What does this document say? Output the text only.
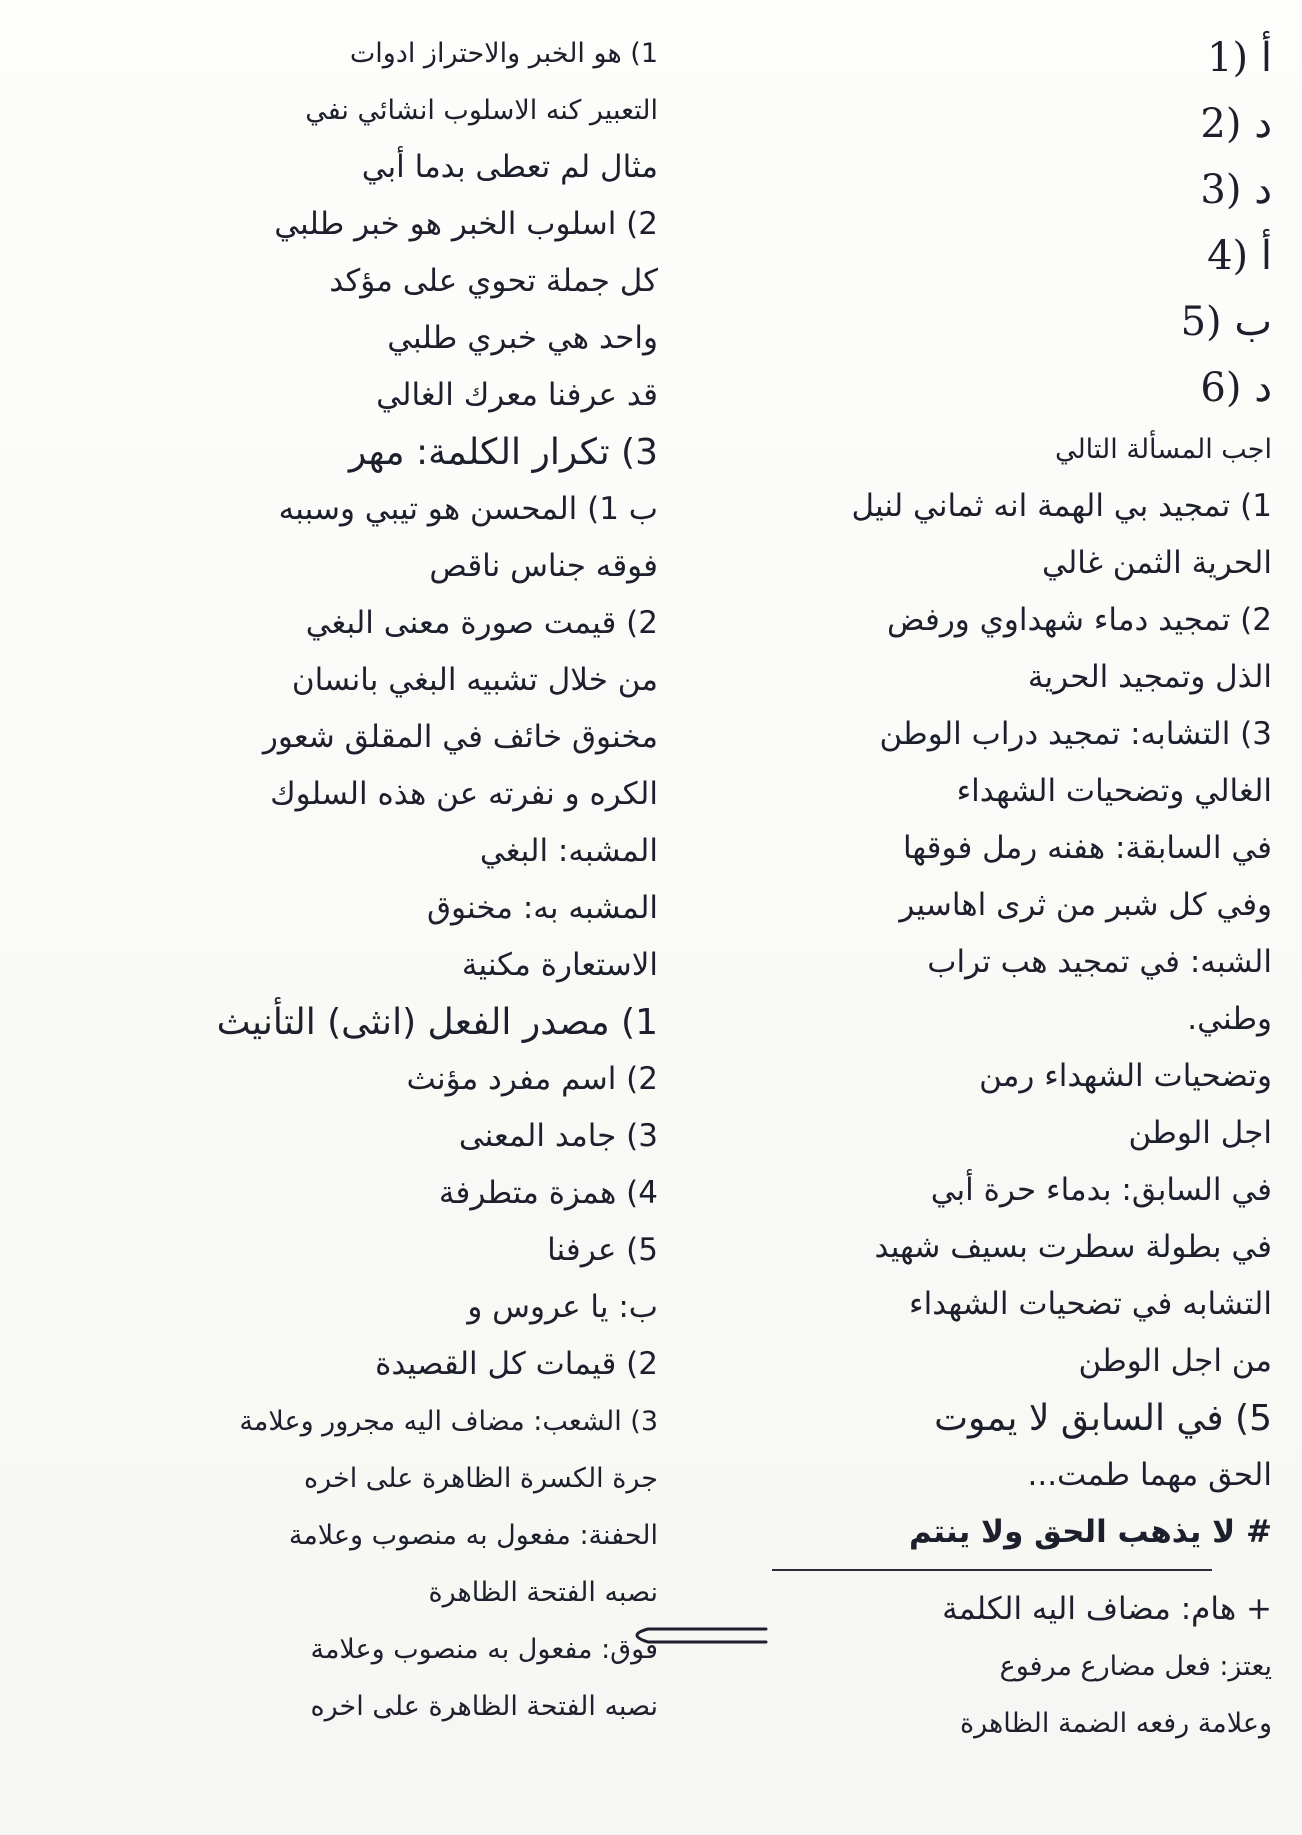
1) أ
2) د
3) د
4) أ
5) ب
6) د
اجب المسألة التالي
1) تمجيد بي الهمة انه ثماني لنيل
الحرية الثمن غالي
2) تمجيد دماء شهداوي ورفض
الذل وتمجيد الحرية
3) التشابه: تمجيد دراب الوطن
الغالي وتضحيات الشهداء
في السابقة: هفنه رمل فوقها
وفي كل شبر من ثرى اهاسير
الشبه: في تمجيد هب تراب
وطني.
وتضحيات الشهداء رمن
اجل الوطن
في السابق: بدماء حرة أبي
في بطولة سطرت بسيف شهيد
التشابه في تضحيات الشهداء
من اجل الوطن
5) في السابق لا يموت
الحق مهما طمت...
# لا يذهب الحق ولا ينتم
+ هام: مضاف اليه الكلمة
يعتز: فعل مضارع مرفوع
وعلامة رفعه الضمة الظاهرة
1) هو الخبر والاحتراز ادوات
التعبير كنه الاسلوب انشائي نفي
مثال لم تعطى بدما أبي
2) اسلوب الخبر هو خبر طلبي
كل جملة تحوي على مؤكد
واحد هي خبري طلبي
قد عرفنا معرك الغالي
3) تكرار الكلمة: مهر
ب 1) المحسن هو تيبي وسببه
فوقه جناس ناقص
2) قيمت صورة معنى البغي
من خلال تشبيه البغي بانسان
مخنوق خائف في المقلق شعور
الكره و نفرته عن هذه السلوك
المشبه: البغي
المشبه به: مخنوق
الاستعارة مكنية
1) مصدر الفعل (انثى) التأنيث
2) اسم مفرد مؤنث
3) جامد المعنى
4) همزة متطرفة
5) عرفنا
ب: يا عروس و
2) قيمات كل القصيدة
3) الشعب: مضاف اليه مجرور وعلامة
جرة الكسرة الظاهرة على اخره
الحفنة: مفعول به منصوب وعلامة
نصبه الفتحة الظاهرة
فوق: مفعول به منصوب وعلامة
نصبه الفتحة الظاهرة على اخره
